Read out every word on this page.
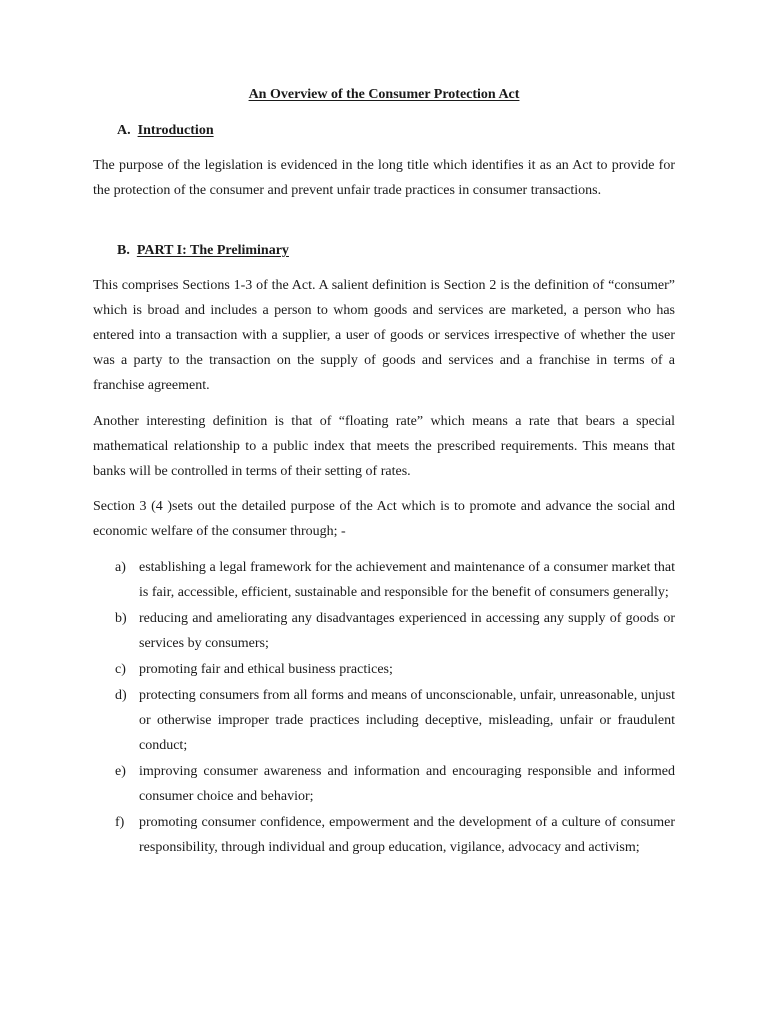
An Overview of the Consumer Protection Act
A. Introduction
The purpose of the legislation is evidenced in the long title which identifies it as an Act to provide for the protection of the consumer and prevent unfair trade practices in consumer transactions.
B. PART I: The Preliminary
This comprises Sections 1-3 of the Act. A salient definition is Section 2 is the definition of “consumer” which is broad and includes a person to whom goods and services are marketed, a person who has entered into a transaction with a supplier, a user of goods or services irrespective of whether the user was a party to the transaction on the supply of goods and services and a franchise in terms of a franchise agreement.
Another interesting definition is that of “floating rate” which means a rate that bears a special mathematical relationship to a public index that meets the prescribed requirements. This means that banks will be controlled in terms of their setting of rates.
Section 3 (4 )sets out the detailed purpose of the Act which is to promote and advance the social and economic welfare of the consumer through; -
a) establishing a legal framework for the achievement and maintenance of a consumer market that is fair, accessible, efficient, sustainable and responsible for the benefit of consumers generally;
b) reducing and ameliorating any disadvantages experienced in accessing any supply of goods or services by consumers;
c) promoting fair and ethical business practices;
d) protecting consumers from all forms and means of unconscionable, unfair, unreasonable, unjust or otherwise improper trade practices including deceptive, misleading, unfair or fraudulent conduct;
e) improving consumer awareness and information and encouraging responsible and informed consumer choice and behavior;
f) promoting consumer confidence, empowerment and the development of a culture of consumer responsibility, through individual and group education, vigilance, advocacy and activism;
